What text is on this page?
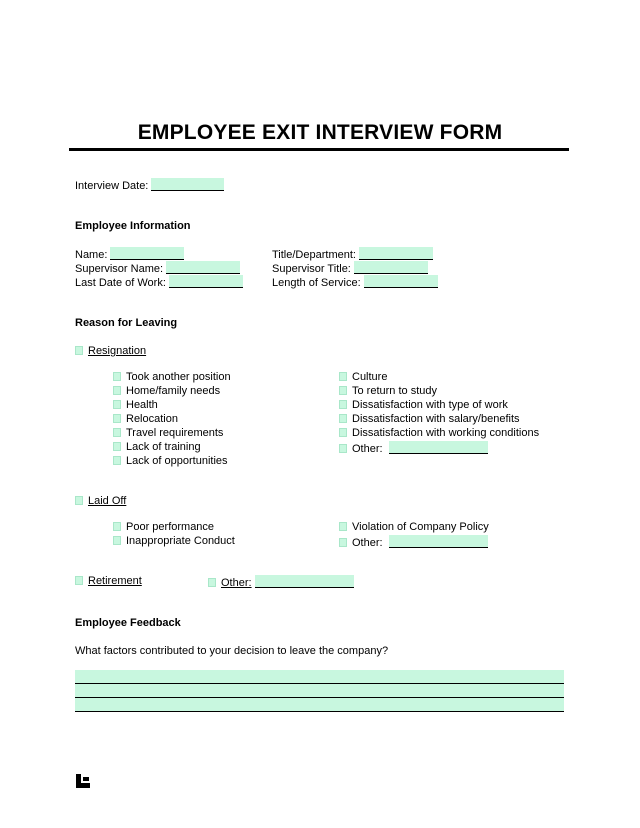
EMPLOYEE EXIT INTERVIEW FORM
Interview Date:
Employee Information
Name:
Supervisor Name:
Last Date of Work:
Title/Department:
Supervisor Title:
Length of Service:
Reason for Leaving
Resignation
Took another position
Home/family needs
Health
Relocation
Travel requirements
Lack of training
Lack of opportunities
Culture
To return to study
Dissatisfaction with type of work
Dissatisfaction with salary/benefits
Dissatisfaction with working conditions
Other:
Laid Off
Poor performance
Inappropriate Conduct
Violation of Company Policy
Other:
Retirement	Other:
Employee Feedback
What factors contributed to your decision to leave the company?
